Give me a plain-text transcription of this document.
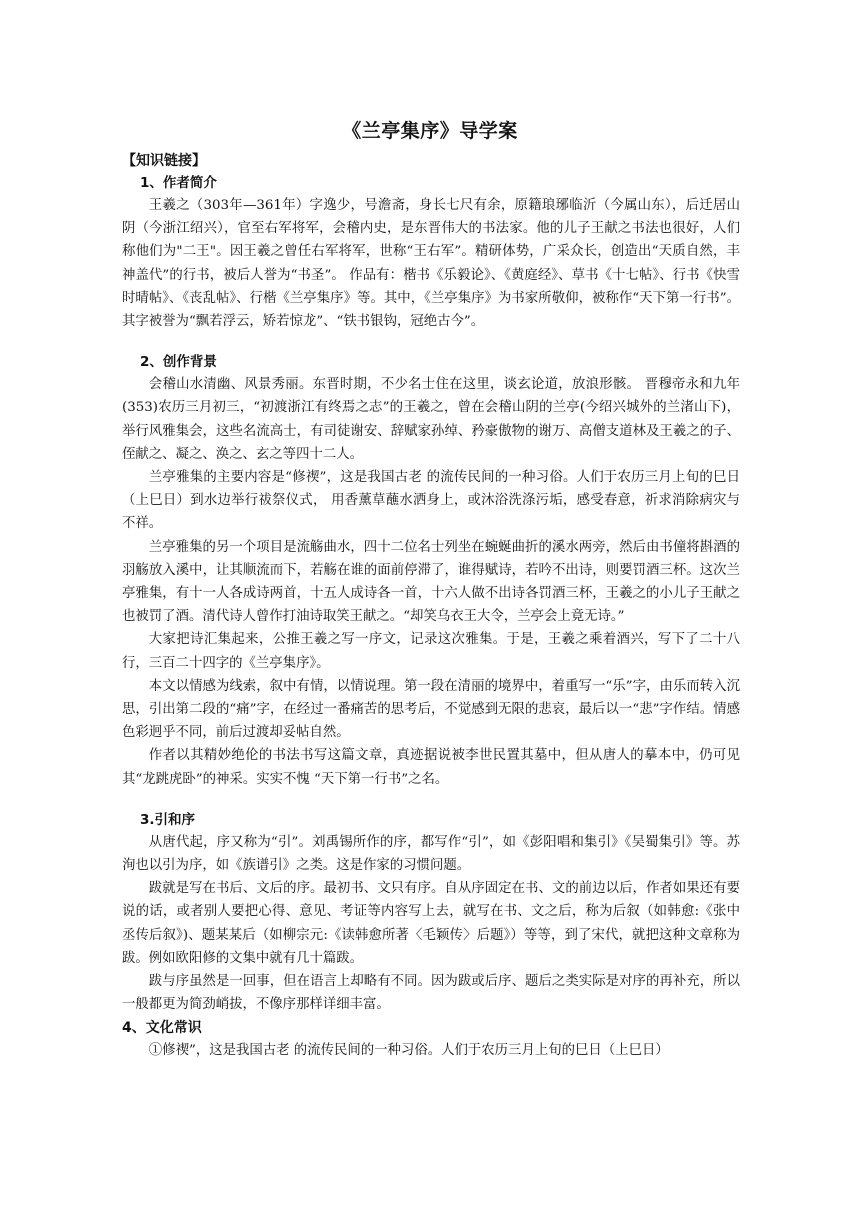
《兰亭集序》导学案
【知识链接】
1、作者简介

王羲之（303年—361年）字逸少，号澹斋，身长七尺有余，原籍琅琊临沂（今属山东），后迁居山阴（今浙江绍兴），官至右军将军，会稽内史，是东晋伟大的书法家。他的儿子王献之书法也很好，人们称他们为"二王"。因王羲之曾任右军将军，世称“王右军”。精研体势，广采众长，创造出“天质自然，丰神盖代”的行书，被后人誉为“书圣”。 作品有：楷书《乐毅论》、《黄庭经》、草书《十七帖》、行书《快雪时晴帖》、《丧乱帖》、行楷《兰亭集序》等。其中，《兰亭集序》为书家所敬仰，被称作“天下第一行书”。其字被誉为“飘若浮云，矫若惊龙”、“铁书银钩，冠绝古今”。

2、创作背景

会稽山水清幽、风景秀丽。东晋时期，不少名士住在这里，谈玄论道，放浪形骸。 晋穆帝永和九年(353)农历三月初三，“初渡浙江有终焉之志”的王羲之，曾在会稽山阴的兰亭(今绍兴城外的兰渚山下)，举行风雅集会，这些名流高士，有司徒谢安、辞赋家孙绰、矜豪傲物的谢万、高僧支道林及王羲之的子、侄献之、凝之、涣之、玄之等四十二人。

兰亭雅集的主要内容是“修禊”，这是我国古老 的流传民间的一种习俗。人们于农历三月上旬的巳日（上巳日）到水边举行祓祭仪式， 用香薰草蘸水洒身上，或沐浴洗涤污垢，感受春意，祈求消除病灾与不祥。

兰亭雅集的另一个项目是流觞曲水，四十二位名士列坐在蜿蜒曲折的溪水两旁，然后由书僮将斟酒的羽觞放入溪中，让其顺流而下，若觞在谁的面前停滞了，谁得赋诗，若吟不出诗，则要罚酒三杯。这次兰亭雅集，有十一人各成诗两首，十五人成诗各一首，十六人做不出诗各罚酒三杯，王羲之的小儿子王献之也被罚了酒。清代诗人曾作打油诗取笑王献之。“却笑乌衣王大令，兰亭会上竟无诗。”

大家把诗汇集起来，公推王羲之写一序文，记录这次雅集。于是，王羲之乘着酒兴，写下了二十八行，三百二十四字的《兰亭集序》。

本文以情感为线索，叙中有情，以情说理。第一段在清丽的境界中，着重写一“乐”字，由乐而转入沉思，引出第二段的“痛”字，在经过一番痛苦的思考后，不觉感到无限的悲哀，最后以一“悲”字作结。情感色彩迥乎不同，前后过渡却妥帖自然。

作者以其精妙绝伦的书法书写这篇文章，真迹据说被李世民置其墓中，但从唐人的摹本中，仍可见其“龙跳虎卧”的神采。实实不愧 “天下第一行书”之名。

3.引和序

从唐代起，序又称为“引”。刘禹锡所作的序，都写作“引”，如《彭阳唱和集引》《吴蜀集引》等。苏洵也以引为序，如《族谱引》之类。这是作家的习惯问题。

跋就是写在书后、文后的序。最初书、文只有序。自从序固定在书、文的前边以后，作者如果还有要说的话，或者别人要把心得、意见、考证等内容写上去，就写在书、文之后，称为后叙（如韩愈:《张中丞传后叙》)、题某某后（如柳宗元:《读韩愈所著〈毛颖传〉后题》）等等，到了宋代，就把这种文章称为跋。例如欧阳修的文集中就有几十篇跋。

跋与序虽然是一回事，但在语言上却略有不同。因为跋或后序、题后之类实际是对序的再补充，所以一般都更为简劲峭拔，不像序那样详细丰富。

4、文化常识

①修禊”，这是我国古老 的流传民间的一种习俗。人们于农历三月上旬的巳日（上巳日）
